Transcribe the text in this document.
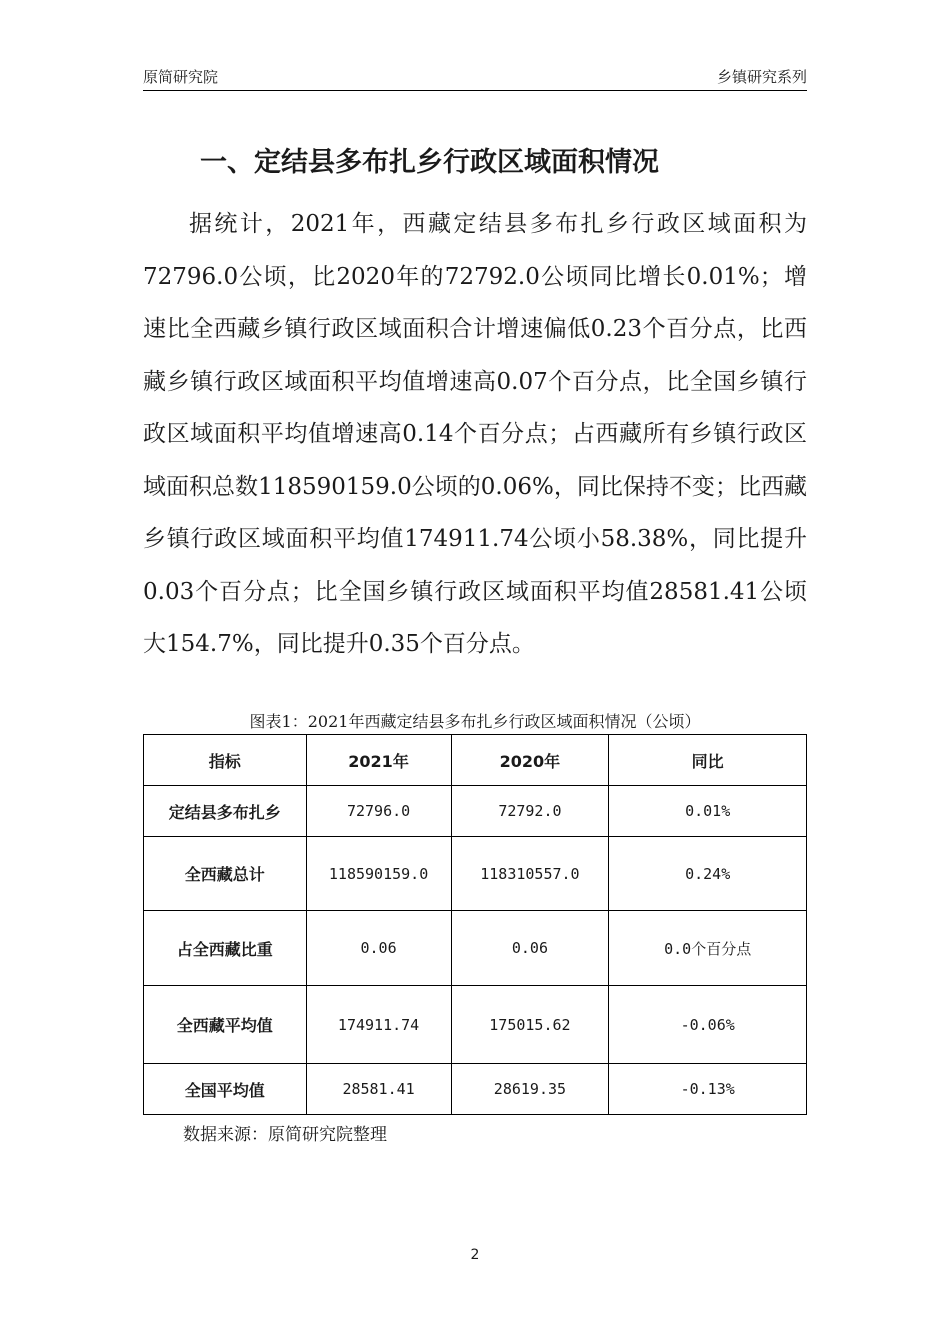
原简研究院	乡镇研究系列
一、定结县多布扎乡行政区域面积情况

据统计，2021年，西藏定结县多布扎乡行政区域面积为72796.0公顷，比2020年的72792.0公顷同比增长0.01%；增速比全西藏乡镇行政区域面积合计增速偏低0.23个百分点，比西藏乡镇行政区域面积平均值增速高0.07个百分点，比全国乡镇行政区域面积平均值增速高0.14个百分点；占西藏所有乡镇行政区域面积总数118590159.0公顷的0.06%，同比保持不变；比西藏乡镇行政区域面积平均值174911.74公顷小58.38%，同比提升0.03个百分点；比全国乡镇行政区域面积平均值28581.41公顷大154.7%，同比提升0.35个百分点。

图表1：2021年西藏定结县多布扎乡行政区域面积情况（公顷）
指标	2021年	2020年	同比
定结县多布扎乡	72796.0	72792.0	0.01%
全西藏总计	118590159.0	118310557.0	0.24%
占全西藏比重	0.06	0.06	0.0个百分点
全西藏平均值	174911.74	175015.62	-0.06%
全国平均值	28581.41	28619.35	-0.13%
数据来源：原简研究院整理
2
